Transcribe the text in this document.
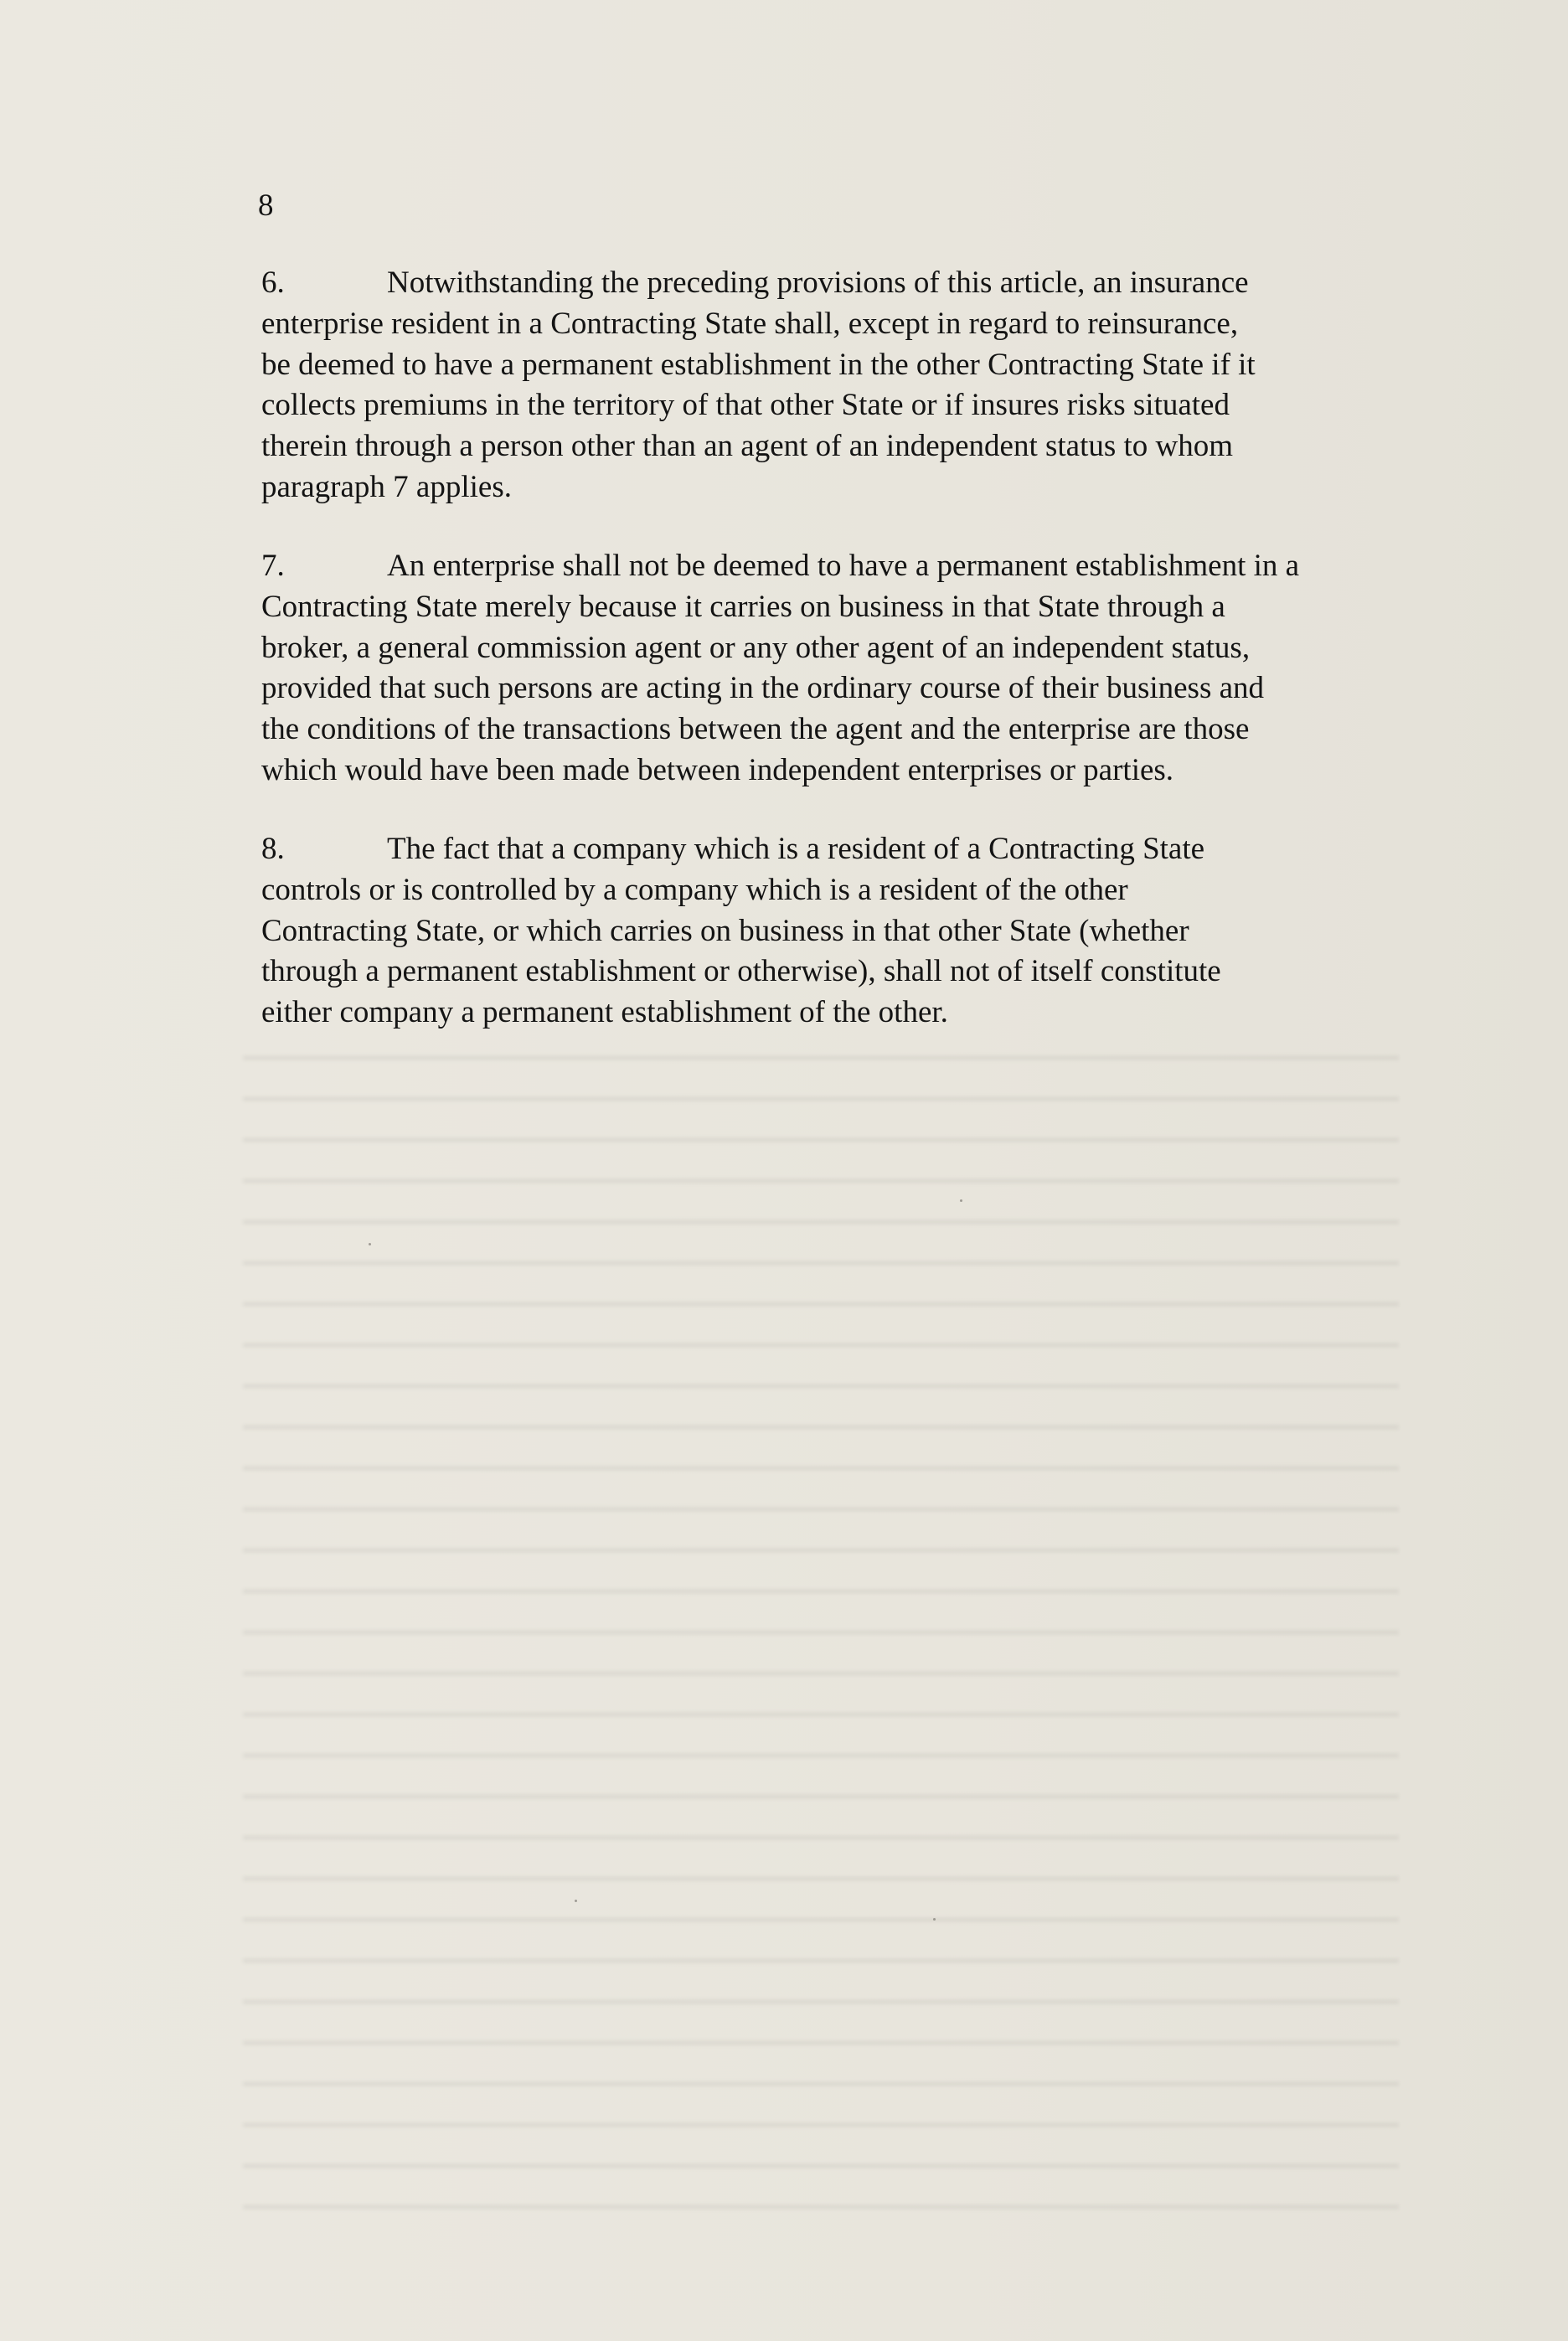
8
6.	Notwithstanding the preceding provisions of this article, an insurance
enterprise resident in a Contracting State shall, except in regard to reinsurance,
be deemed to have a permanent establishment in the other Contracting State if it
collects premiums in the territory of that other State or if insures risks situated
therein through a person other than an agent of an independent status to whom
paragraph 7 applies.
7.	An enterprise shall not be deemed to have a permanent establishment in a
Contracting State merely because it carries on business in that State through a
broker, a general commission agent or any other agent of an independent status,
provided that such persons are acting in the ordinary course of their business and
the conditions of the transactions between the agent and the enterprise are those
which would have been made between independent enterprises or parties.
8.	The fact that a company which is a resident of a Contracting State
controls or is controlled by a company which is a resident of the other
Contracting State, or which carries on business in that other State (whether
through a permanent establishment or otherwise), shall not of itself constitute
either company a permanent establishment of the other.
